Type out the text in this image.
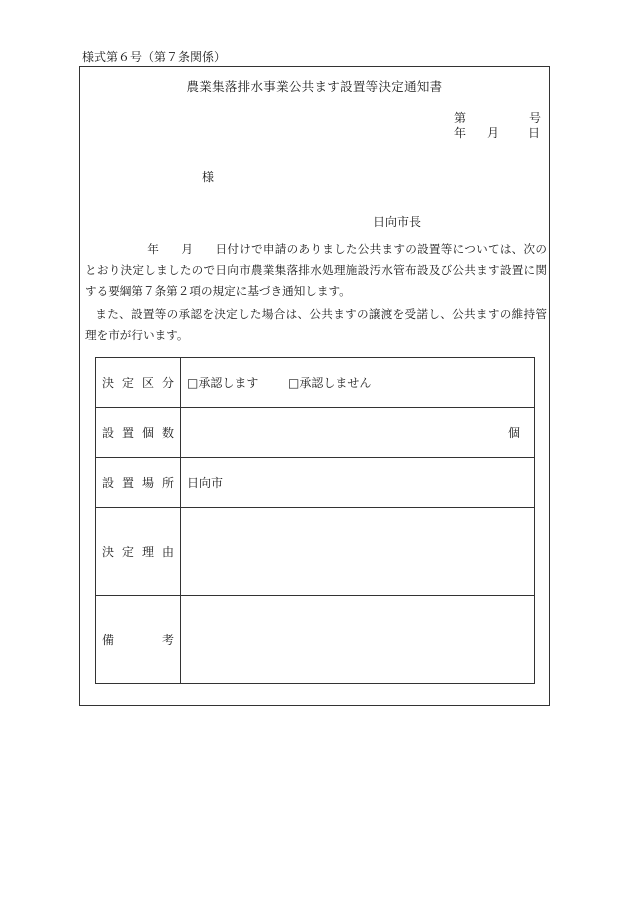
様式第６号（第７条関係）
農業集落排水事業公共ます設置等決定通知書
第	号
年 月 日
様
日向市長
年 月 日付けで申請のありました公共ますの設置等については、次のとおり決定しましたので日向市農業集落排水処理施設汚水管布設及び公共ます設置に関する要綱第７条第２項の規定に基づき通知します。
また、設置等の承認を決定した場合は、公共ますの譲渡を受諾し、公共ますの維持管理を市が行います。
決 定 区 分	□承認します □承認しません

設 置 個 数	個

設 置 場 所	日向市

決 定 理 由	

備 考	
